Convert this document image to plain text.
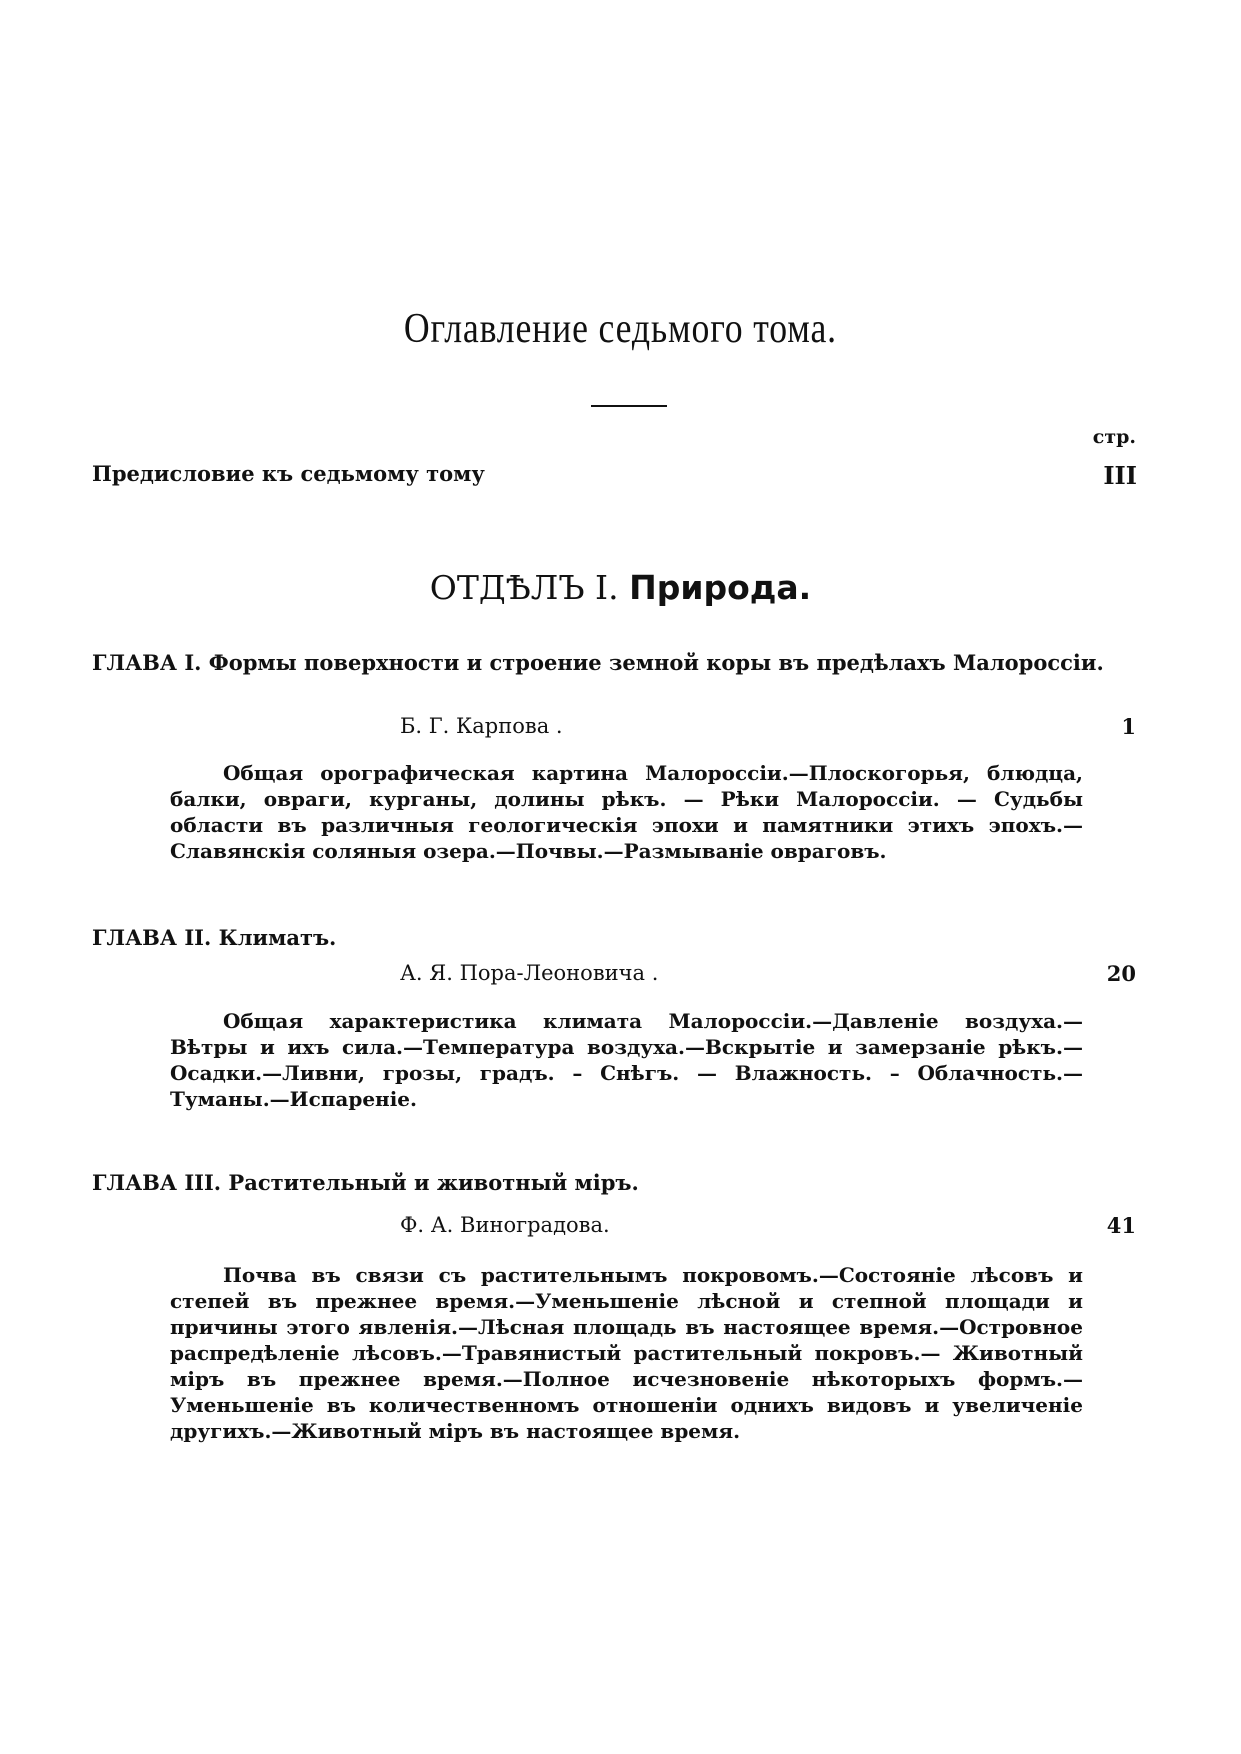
Оглавление седьмого тома.
стр.
Предисловие къ седьмому тому	III
ОТДѢЛЪ I. Природа.
ГЛАВА I. Формы поверхности и строение земной коры въ предѣлахъ Малороссiи.
Б. Г. Карпова .	1
Общая орографическая картина Малороссiи.—Плоскогорья, блюдца, балки, овраги, курганы, долины рѣкъ. — Рѣки Малороссiи. — Судьбы области въ различныя геологическiя эпохи и памятники этихъ эпохъ.— Славянскiя соляныя озера.—Почвы.—Размыванiе овраговъ.
ГЛАВА II. Климатъ.
А. Я. Пора-Леоновича .	20
Общая характеристика климата Малороссiи.—Давленiе воздуха.— Вѣтры и ихъ сила.—Температура воздуха.—Вскрытiе и замерзанiе рѣкъ.—Осадки.—Ливни, грозы, градъ. – Снѣгъ. — Влажность. – Облачность.—Туманы.—Испаренiе.
ГЛАВА III. Растительный и животный мiръ.
Ф. А. Виноградова.	41
Почва въ связи съ растительнымъ покровомъ.—Состоянiе лѣсовъ и степей въ прежнее время.—Уменьшенiе лѣсной и степной площади и причины этого явленiя.—Лѣсная площадь въ настоящее время.—Островное распредѣленiе лѣсовъ.—Травянистый растительный покровъ.— Животный мiръ въ прежнее время.—Полное исчезновенiе нѣкоторыхъ формъ.—Уменьшенiе въ количественномъ отношенiи однихъ видовъ и увеличенiе другихъ.—Животный мiръ въ настоящее время.
